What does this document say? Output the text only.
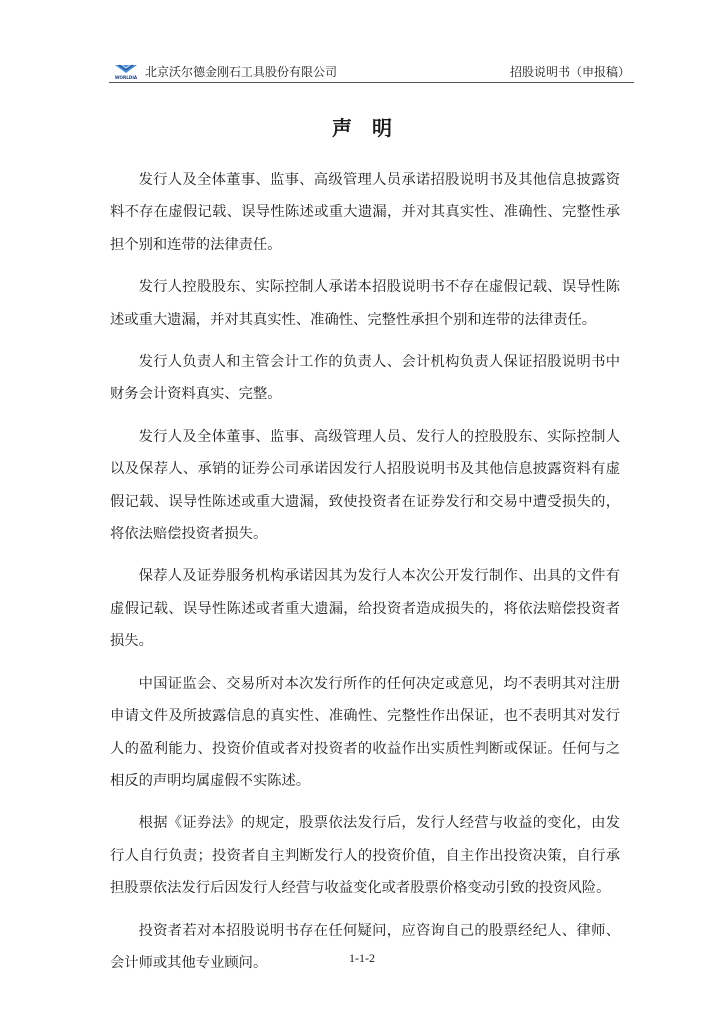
WORLDIA 北京沃尔德金刚石工具股份有限公司	招股说明书（申报稿）
声明

发行人及全体董事、监事、高级管理人员承诺招股说明书及其他信息披露资料不存在虚假记载、误导性陈述或重大遗漏，并对其真实性、准确性、完整性承担个别和连带的法律责任。

发行人控股股东、实际控制人承诺本招股说明书不存在虚假记载、误导性陈述或重大遗漏，并对其真实性、准确性、完整性承担个别和连带的法律责任。

发行人负责人和主管会计工作的负责人、会计机构负责人保证招股说明书中财务会计资料真实、完整。

发行人及全体董事、监事、高级管理人员、发行人的控股股东、实际控制人以及保荐人、承销的证券公司承诺因发行人招股说明书及其他信息披露资料有虚假记载、误导性陈述或重大遗漏，致使投资者在证券发行和交易中遭受损失的，将依法赔偿投资者损失。

保荐人及证券服务机构承诺因其为发行人本次公开发行制作、出具的文件有虚假记载、误导性陈述或者重大遗漏，给投资者造成损失的，将依法赔偿投资者损失。

中国证监会、交易所对本次发行所作的任何决定或意见，均不表明其对注册申请文件及所披露信息的真实性、准确性、完整性作出保证，也不表明其对发行人的盈利能力、投资价值或者对投资者的收益作出实质性判断或保证。任何与之相反的声明均属虚假不实陈述。

根据《证券法》的规定，股票依法发行后，发行人经营与收益的变化，由发行人自行负责；投资者自主判断发行人的投资价值，自主作出投资决策，自行承担股票依法发行后因发行人经营与收益变化或者股票价格变动引致的投资风险。

投资者若对本招股说明书存在任何疑问，应咨询自己的股票经纪人、律师、会计师或其他专业顾问。	1-1-2
